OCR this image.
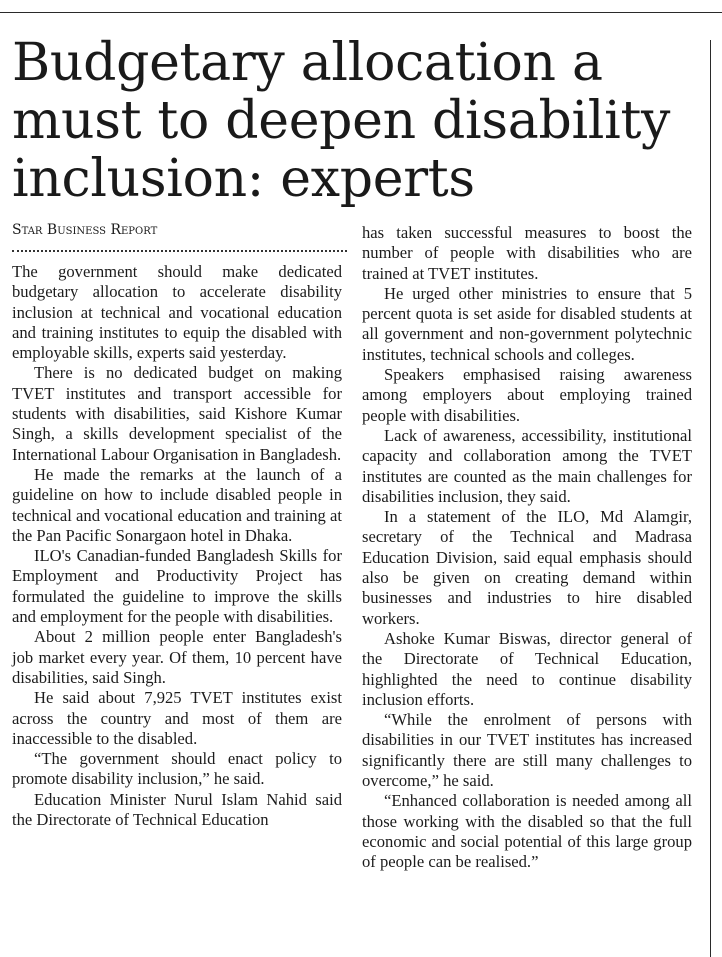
Budgetary allocation a must to deepen disability inclusion: experts
Star Business Report

The government should make dedicated budgetary allocation to accelerate disability inclusion at technical and vocational education and training institutes to equip the disabled with employable skills, experts said yesterday.

There is no dedicated budget on making TVET institutes and transport accessible for students with disabilities, said Kishore Kumar Singh, a skills development specialist of the International Labour Organisation in Bangladesh.

He made the remarks at the launch of a guideline on how to include disabled people in technical and vocational education and training at the Pan Pacific Sonargaon hotel in Dhaka.

ILO's Canadian-funded Bangladesh Skills for Employment and Productivity Project has formulated the guideline to improve the skills and employment for the people with disabilities.

About 2 million people enter Bangladesh's job market every year. Of them, 10 percent have disabilities, said Singh.

He said about 7,925 TVET institutes exist across the country and most of them are inaccessible to the disabled.

“The government should enact policy to promote disability inclusion,” he said.

Education Minister Nurul Islam Nahid said the Directorate of Technical Education

has taken successful measures to boost the number of people with disabilities who are trained at TVET institutes.

He urged other ministries to ensure that 5 percent quota is set aside for disabled students at all government and non-government polytechnic institutes, technical schools and colleges.

Speakers emphasised raising awareness among employers about employing trained people with disabilities.

Lack of awareness, accessibility, institutional capacity and collaboration among the TVET institutes are counted as the main challenges for disabilities inclusion, they said.

In a statement of the ILO, Md Alamgir, secretary of the Technical and Madrasa Education Division, said equal emphasis should also be given on creating demand within businesses and industries to hire disabled workers.

Ashoke Kumar Biswas, director general of the Directorate of Technical Education, highlighted the need to continue disability inclusion efforts.

“While the enrolment of persons with disabilities in our TVET institutes has increased significantly there are still many challenges to overcome,” he said.

“Enhanced collaboration is needed among all those working with the disabled so that the full economic and social potential of this large group of people can be realised.”
